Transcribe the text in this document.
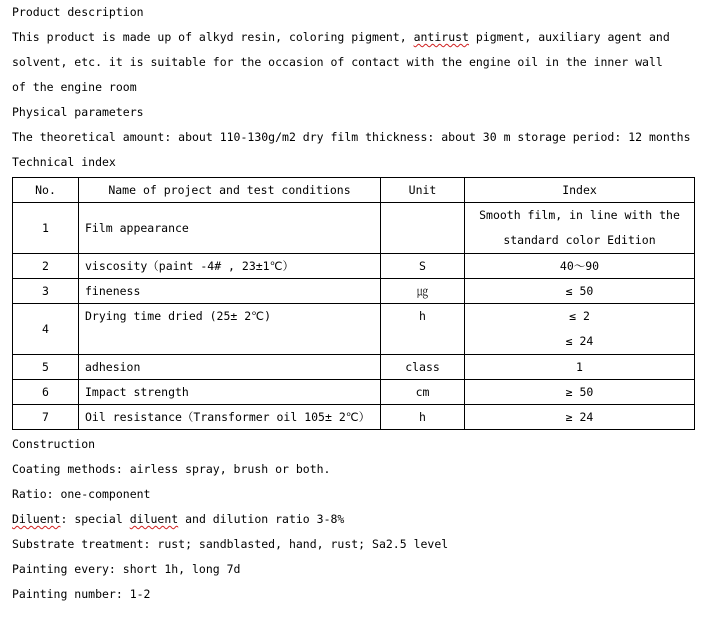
Product description
This product is made up of alkyd resin, coloring pigment, antirust pigment, auxiliary agent and
solvent, etc. it is suitable for the occasion of contact with the engine oil in the inner wall
of the engine room
Physical parameters
The theoretical amount: about 110-130g/m2 dry film thickness: about 30 m storage period: 12 months
Technical index
No.	Name of project and test conditions	Unit	Index
1	Film appearance		Smooth film, in line with the
standard color Edition

2	viscosity（paint -4# , 23±1℃）	S	40～90
3	fineness	㎍	≤ 50
4	Drying time dried (25± 2℃)	h	≤ 2
≤ 24

5	adhesion	class	1
6	Impact strength	cm	≥ 50
7	Oil resistance（Transformer oil 105± 2℃）	h	≥ 24
Construction
Coating methods: airless spray, brush or both.
Ratio: one-component
Diluent: special diluent and dilution ratio 3-8%
Substrate treatment: rust; sandblasted, hand, rust; Sa2.5 level
Painting every: short 1h, long 7d
Painting number: 1-2
